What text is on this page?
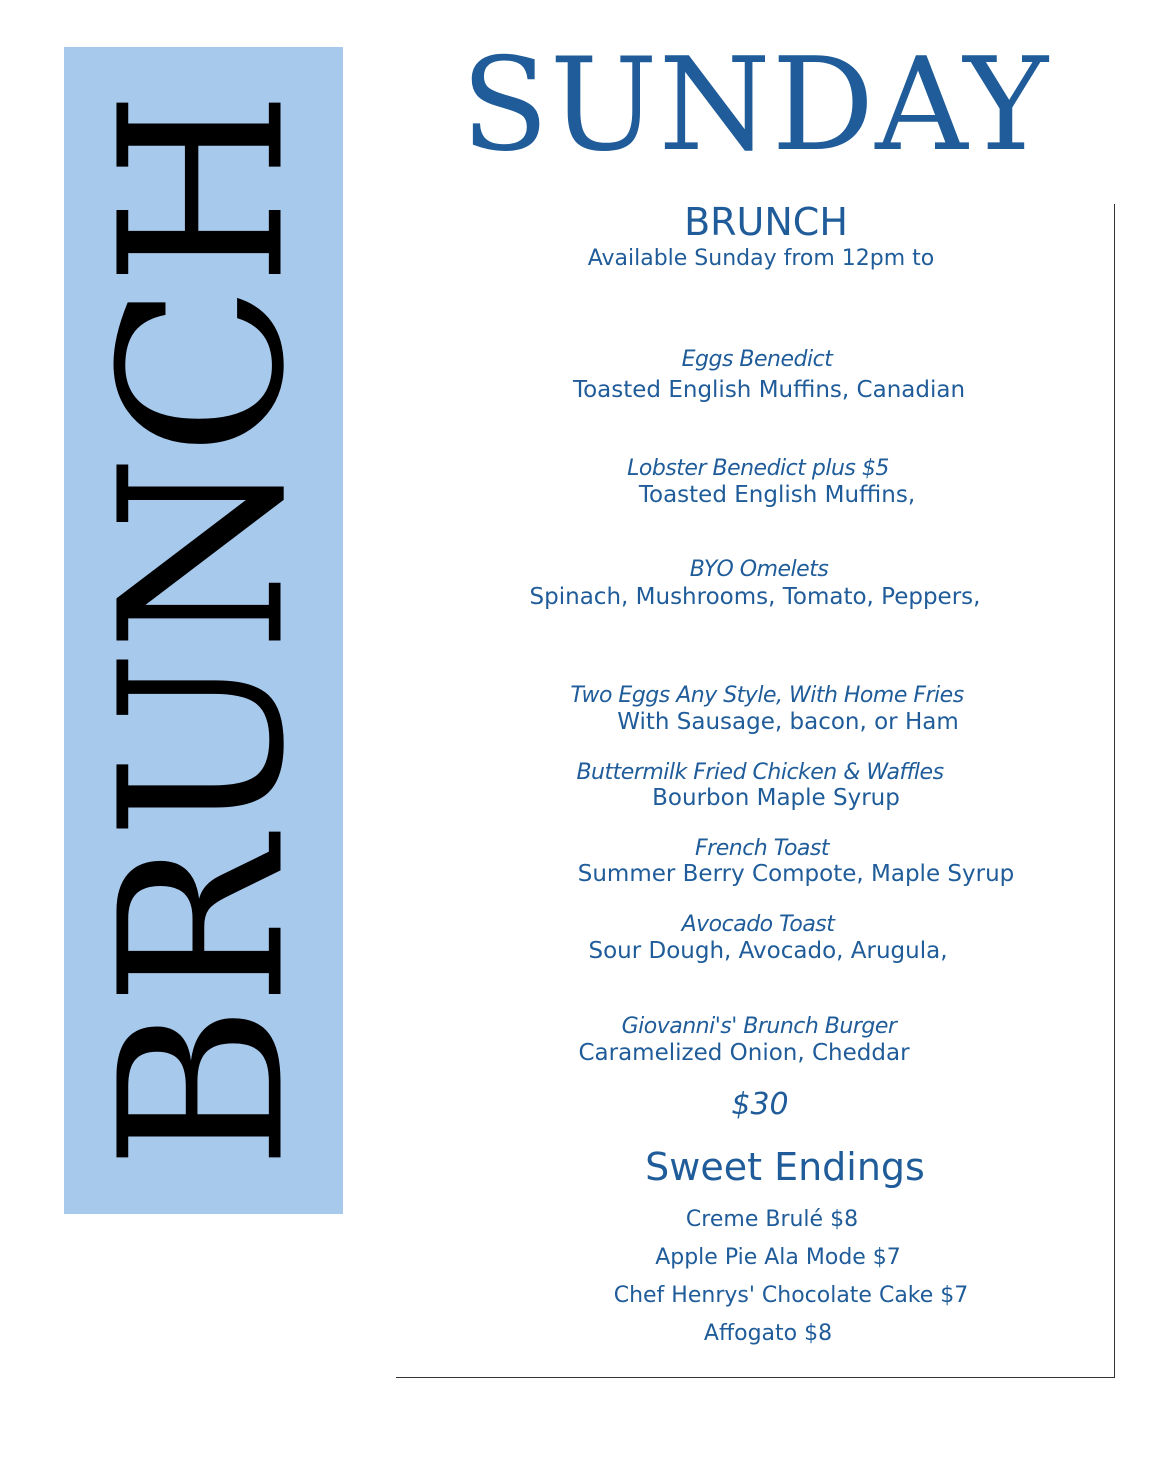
BRUNCH SUNDAY
BRUNCH
Available Sunday from 12pm to
Eggs Benedict
Toasted English Muffins, Canadian
Lobster Benedict plus $5
Toasted English Muffins,
BYO Omelets
Spinach, Mushrooms, Tomato, Peppers,
Two Eggs Any Style, With Home Fries
With Sausage, bacon, or Ham
Buttermilk Fried Chicken & Waffles
Bourbon Maple Syrup
French Toast
Summer Berry Compote, Maple Syrup
Avocado Toast
Sour Dough, Avocado, Arugula,
Giovanni's' Brunch Burger
Caramelized Onion, Cheddar
$30
Sweet Endings
Creme Brulé $8
Apple Pie Ala Mode $7
Chef Henrys' Chocolate Cake $7
Affogato $8
